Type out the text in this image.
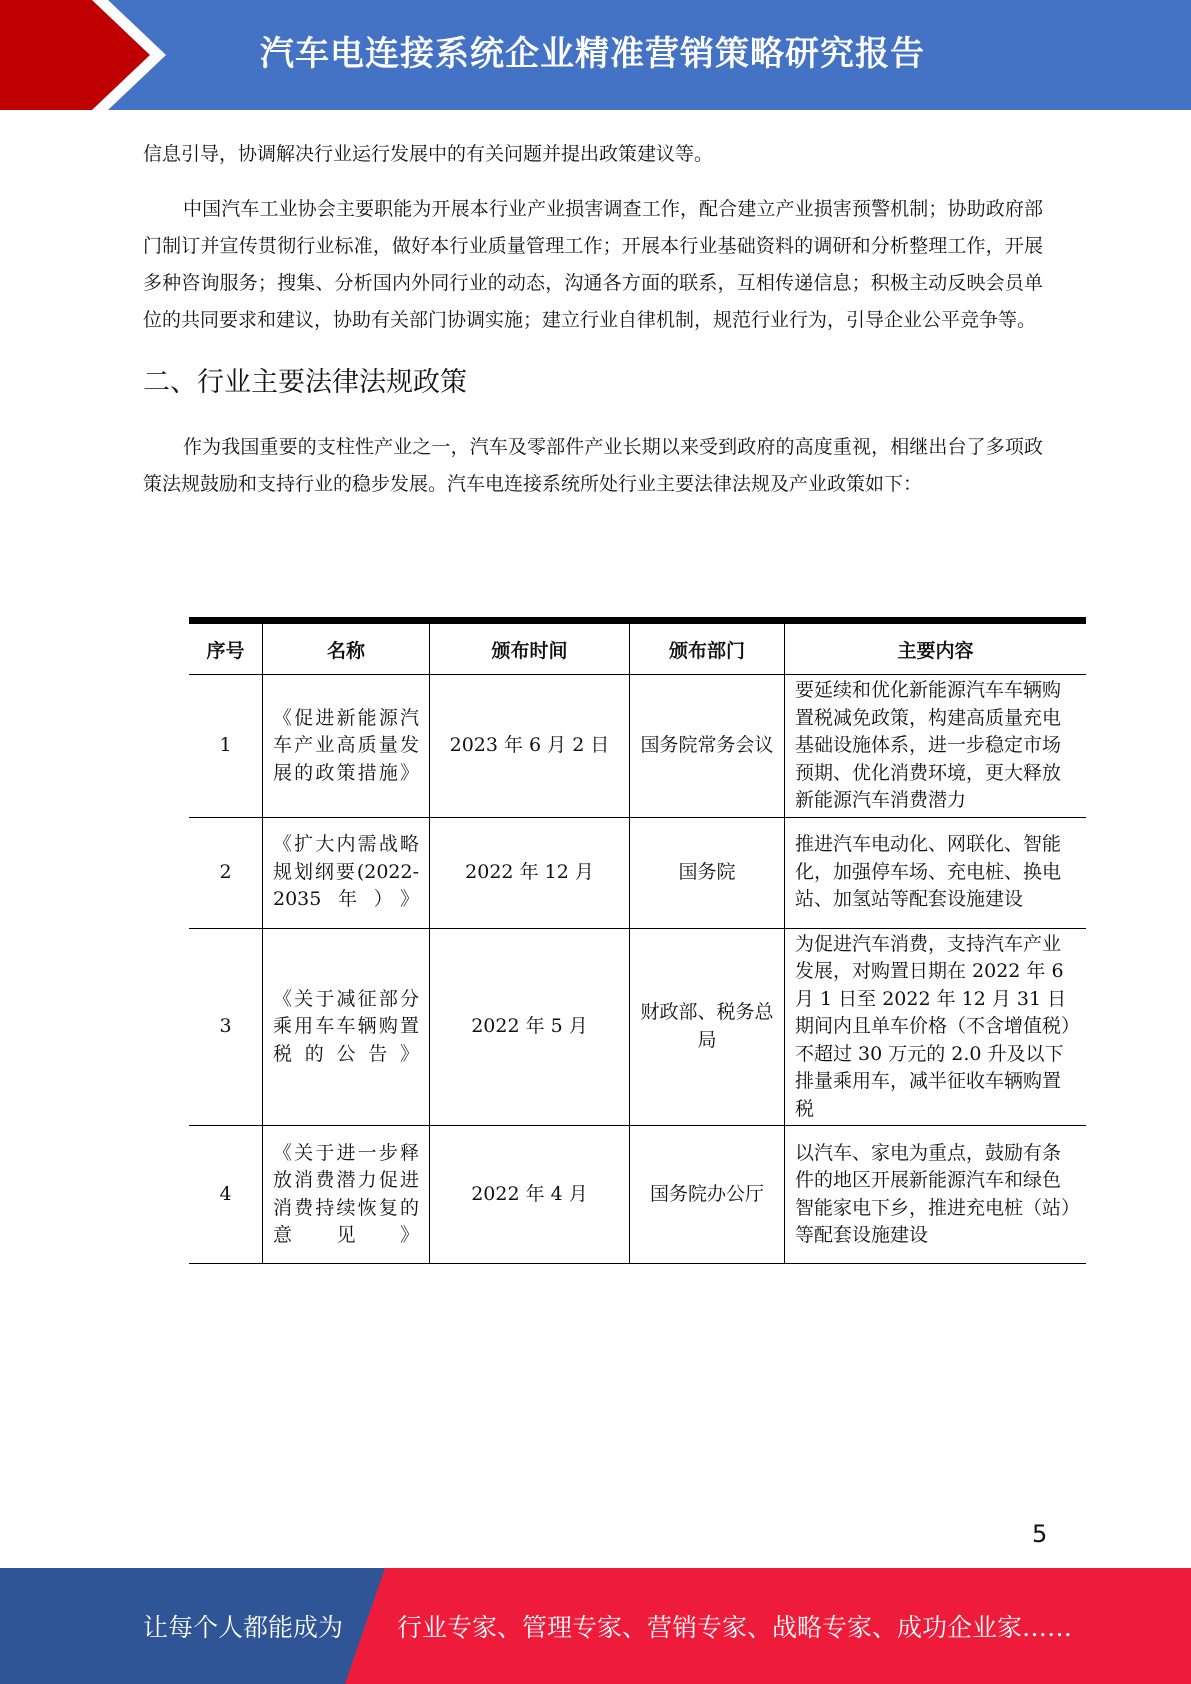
汽车电连接系统企业精准营销策略研究报告

信息引导，协调解决行业运行发展中的有关问题并提出政策建议等。

中国汽车工业协会主要职能为开展本行业产业损害调查工作，配合建立产业损害预警机制；协助政府部门制订并宣传贯彻行业标准，做好本行业质量管理工作；开展本行业基础资料的调研和分析整理工作，开展多种咨询服务；搜集、分析国内外同行业的动态，沟通各方面的联系，互相传递信息；积极主动反映会员单位的共同要求和建议，协助有关部门协调实施；建立行业自律机制，规范行业行为，引导企业公平竞争等。

二、行业主要法律法规政策

作为我国重要的支柱性产业之一，汽车及零部件产业长期以来受到政府的高度重视，相继出台了多项政策法规鼓励和支持行业的稳步发展。汽车电连接系统所处行业主要法律法规及产业政策如下：

序号	名称	颁布时间	颁布部门	主要内容
1	《促进新能源汽车产业高质量发展的政策措施》	2023 年 6 月 2 日	国务院常务会议	要延续和优化新能源汽车车辆购置税减免政策，构建高质量充电基础设施体系，进一步稳定市场预期、优化消费环境，更大释放新能源汽车消费潜力
2	《扩大内需战略规划纲要(2022-2035年）》	2022 年 12 月	国务院	推进汽车电动化、网联化、智能化，加强停车场、充电桩、换电站、加氢站等配套设施建设
3	《关于减征部分乘用车车辆购置税的公告》	2022 年 5 月	财政部、税务总局	为促进汽车消费，支持汽车产业发展，对购置日期在 2022 年 6 月 1 日至 2022 年 12 月 31 日期间内且单车价格（不含增值税）不超过 30 万元的 2.0 升及以下排量乘用车，减半征收车辆购置税
4	《关于进一步释放消费潜力促进消费持续恢复的意见》	2022 年 4 月	国务院办公厅	以汽车、家电为重点，鼓励有条件的地区开展新能源汽车和绿色智能家电下乡，推进充电桩（站）等配套设施建设
5
让每个人都能成为 行业专家、管理专家、营销专家、战略专家、成功企业家……
